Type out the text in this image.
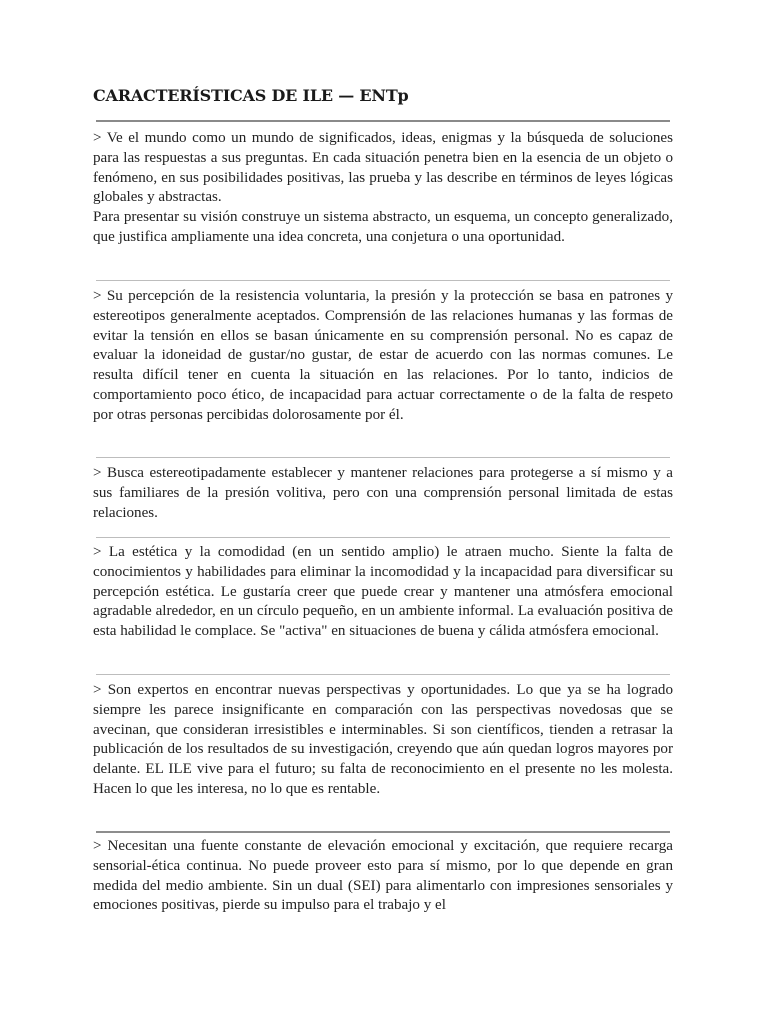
CARACTERÍSTICAS DE ILE — ENTp

> Ve el mundo como un mundo de significados, ideas, enigmas y la búsqueda de soluciones para las respuestas a sus preguntas. En cada situación penetra bien en la esencia de un objeto o fenómeno, en sus posibilidades positivas, las prueba y las describe en términos de leyes lógicas globales y abstractas.

Para presentar su visión construye un sistema abstracto, un esquema, un concepto generalizado, que justifica ampliamente una idea concreta, una conjetura o una oportunidad.

> Su percepción de la resistencia voluntaria, la presión y la protección se basa en patrones y estereotipos generalmente aceptados. Comprensión de las relaciones humanas y las formas de evitar la tensión en ellos se basan únicamente en su comprensión personal. No es capaz de evaluar la idoneidad de gustar/no gustar, de estar de acuerdo con las normas comunes. Le resulta difícil tener en cuenta la situación en las relaciones. Por lo tanto, indicios de comportamiento poco ético, de incapacidad para actuar correctamente o de la falta de respeto por otras personas percibidas dolorosamente por él.

> Busca estereotipadamente establecer y mantener relaciones para protegerse a sí mismo y a sus familiares de la presión volitiva, pero con una comprensión personal limitada de estas relaciones.

> La estética y la comodidad (en un sentido amplio) le atraen mucho. Siente la falta de conocimientos y habilidades para eliminar la incomodidad y la incapacidad para diversificar su percepción estética. Le gustaría creer que puede crear y mantener una atmósfera emocional agradable alrededor, en un círculo pequeño, en un ambiente informal. La evaluación positiva de esta habilidad le complace. Se "activa" en situaciones de buena y cálida atmósfera emocional.

> Son expertos en encontrar nuevas perspectivas y oportunidades. Lo que ya se ha logrado siempre les parece insignificante en comparación con las perspectivas novedosas que se avecinan, que consideran irresistibles e interminables. Si son científicos, tienden a retrasar la publicación de los resultados de su investigación, creyendo que aún quedan logros mayores por delante. EL ILE vive para el futuro; su falta de reconocimiento en el presente no les molesta. Hacen lo que les interesa, no lo que es rentable.

> Necesitan una fuente constante de elevación emocional y excitación, que requiere recarga sensorial-ética continua. No puede proveer esto para sí mismo, por lo que depende en gran medida del medio ambiente. Sin un dual (SEI) para alimentarlo con impresiones sensoriales y emociones positivas, pierde su impulso para el trabajo y el
